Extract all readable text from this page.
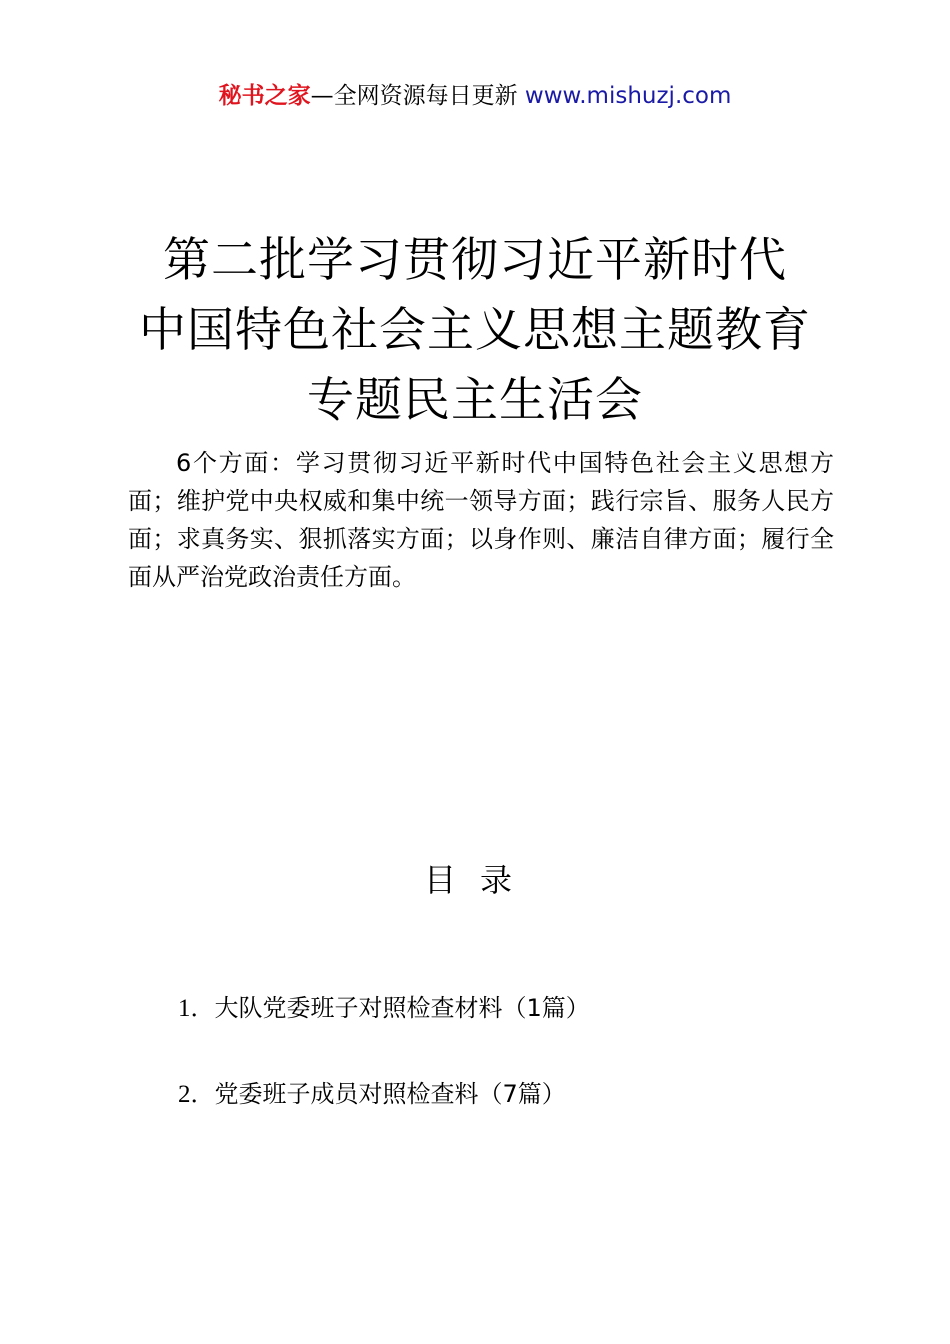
秘书之家—全网资源每日更新 www.mishuzj.com
第二批学习贯彻习近平新时代
中国特色社会主义思想主题教育
专题民主生活会

6个方面：学习贯彻习近平新时代中国特色社会主义思想方面；维护党中央权威和集中统一领导方面；践行宗旨、服务人民方面；求真务实、狠抓落实方面；以身作则、廉洁自律方面；履行全面从严治党政治责任方面。

目录
1．大队党委班子对照检查材料（1篇）
2．党委班子成员对照检查料（7篇）
